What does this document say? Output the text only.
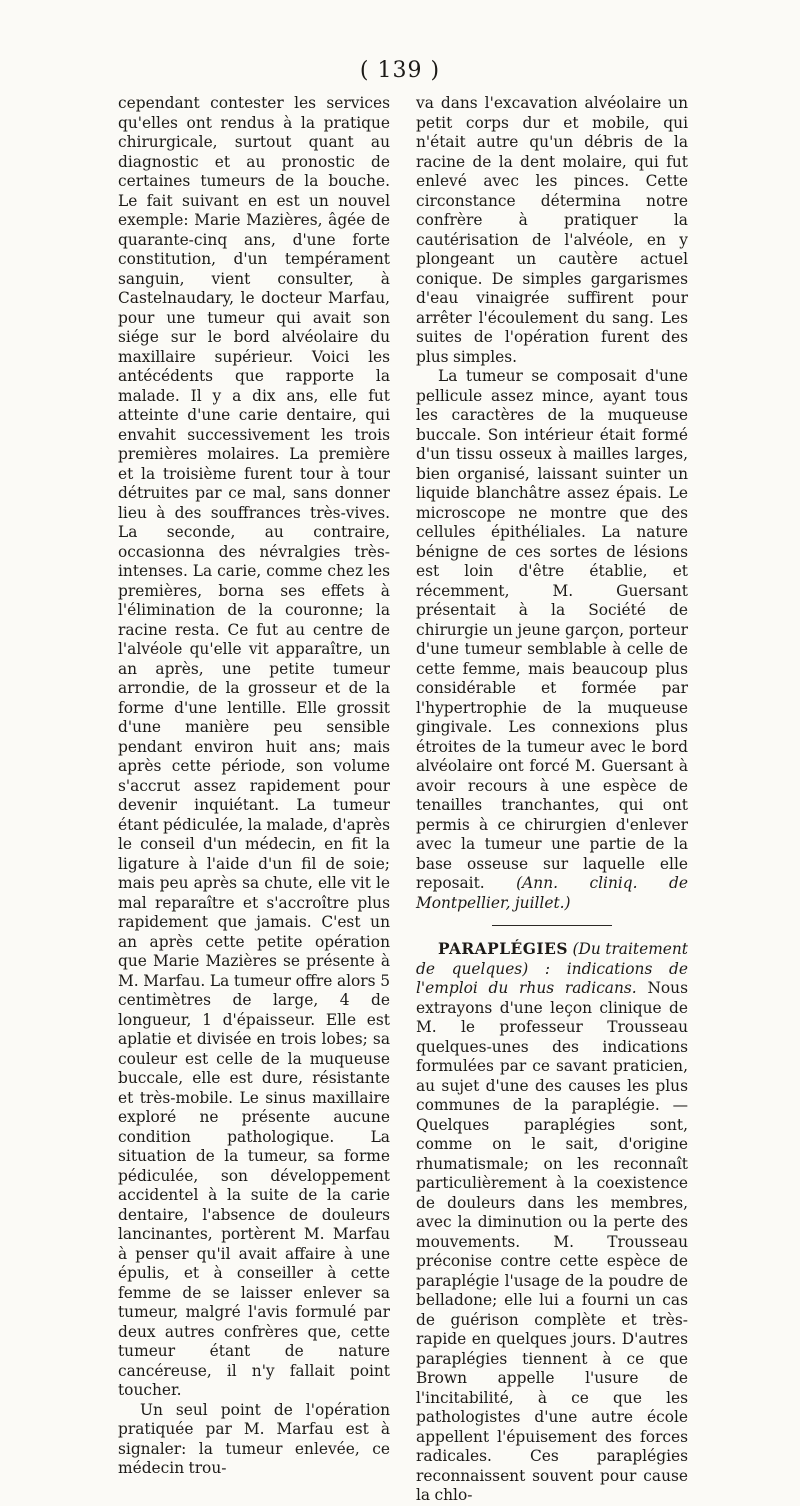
( 139 )

cependant contester les services qu'elles ont rendus à la pratique chirurgicale, surtout quant au diagnostic et au pronostic de certaines tumeurs de la bouche. Le fait suivant en est un nouvel exemple: Marie Mazières, âgée de quarante-cinq ans, d'une forte constitution, d'un tempérament sanguin, vient consulter, à Castelnaudary, le docteur Marfau, pour une tumeur qui avait son siége sur le bord alvéolaire du maxillaire supérieur. Voici les antécédents que rapporte la malade. Il y a dix ans, elle fut atteinte d'une carie dentaire, qui envahit successivement les trois premières molaires. La première et la troisième furent tour à tour détruites par ce mal, sans donner lieu à des souffrances très-vives. La seconde, au contraire, occasionna des névralgies très-intenses. La carie, comme chez les premières, borna ses effets à l'élimination de la couronne; la racine resta. Ce fut au centre de l'alvéole qu'elle vit apparaître, un an après, une petite tumeur arrondie, de la grosseur et de la forme d'une lentille. Elle grossit d'une manière peu sensible pendant environ huit ans; mais après cette période, son volume s'accrut assez rapidement pour devenir inquiétant. La tumeur étant pédiculée, la malade, d'après le conseil d'un médecin, en fit la ligature à l'aide d'un fil de soie; mais peu après sa chute, elle vit le mal reparaître et s'accroître plus rapidement que jamais. C'est un an après cette petite opération que Marie Mazières se présente à M. Marfau. La tumeur offre alors 5 centimètres de large, 4 de longueur, 1 d'épaisseur. Elle est aplatie et divisée en trois lobes; sa couleur est celle de la muqueuse buccale, elle est dure, résistante et très-mobile. Le sinus maxillaire exploré ne présente aucune condition pathologique. La situation de la tumeur, sa forme pédiculée, son développement accidentel à la suite de la carie dentaire, l'absence de douleurs lancinantes, portèrent M. Marfau à penser qu'il avait affaire à une épulis, et à conseiller à cette femme de se laisser enlever sa tumeur, malgré l'avis formulé par deux autres confrères que, cette tumeur étant de nature cancéreuse, il n'y fallait point toucher.

Un seul point de l'opération pratiquée par M. Marfau est à signaler: la tumeur enlevée, ce médecin trou-

va dans l'excavation alvéolaire un petit corps dur et mobile, qui n'était autre qu'un débris de la racine de la dent molaire, qui fut enlevé avec les pinces. Cette circonstance détermina notre confrère à pratiquer la cautérisation de l'alvéole, en y plongeant un cautère actuel conique. De simples gargarismes d'eau vinaigrée suffirent pour arrêter l'écoulement du sang. Les suites de l'opération furent des plus simples.

La tumeur se composait d'une pellicule assez mince, ayant tous les caractères de la muqueuse buccale. Son intérieur était formé d'un tissu osseux à mailles larges, bien organisé, laissant suinter un liquide blanchâtre assez épais. Le microscope ne montre que des cellules épithéliales. La nature bénigne de ces sortes de lésions est loin d'être établie, et récemment, M. Guersant présentait à la Société de chirurgie un jeune garçon, porteur d'une tumeur semblable à celle de cette femme, mais beaucoup plus considérable et formée par l'hypertrophie de la muqueuse gingivale. Les connexions plus étroites de la tumeur avec le bord alvéolaire ont forcé M. Guersant à avoir recours à une espèce de tenailles tranchantes, qui ont permis à ce chirurgien d'enlever avec la tumeur une partie de la base osseuse sur laquelle elle reposait. (Ann. cliniq. de Montpellier, juillet.)

PARAPLÉGIES (Du traitement de quelques) : indications de l'emploi du rhus radicans. Nous extrayons d'une leçon clinique de M. le professeur Trousseau quelques-unes des indications formulées par ce savant praticien, au sujet d'une des causes les plus communes de la paraplégie. — Quelques paraplégies sont, comme on le sait, d'origine rhumatismale; on les reconnaît particulièrement à la coexistence de douleurs dans les membres, avec la diminution ou la perte des mouvements. M. Trousseau préconise contre cette espèce de paraplégie l'usage de la poudre de belladone; elle lui a fourni un cas de guérison complète et très-rapide en quelques jours. D'autres paraplégies tiennent à ce que Brown appelle l'usure de l'incitabilité, à ce que les pathologistes d'une autre école appellent l'épuisement des forces radicales. Ces paraplégies reconnaissent souvent pour cause la chlo-
